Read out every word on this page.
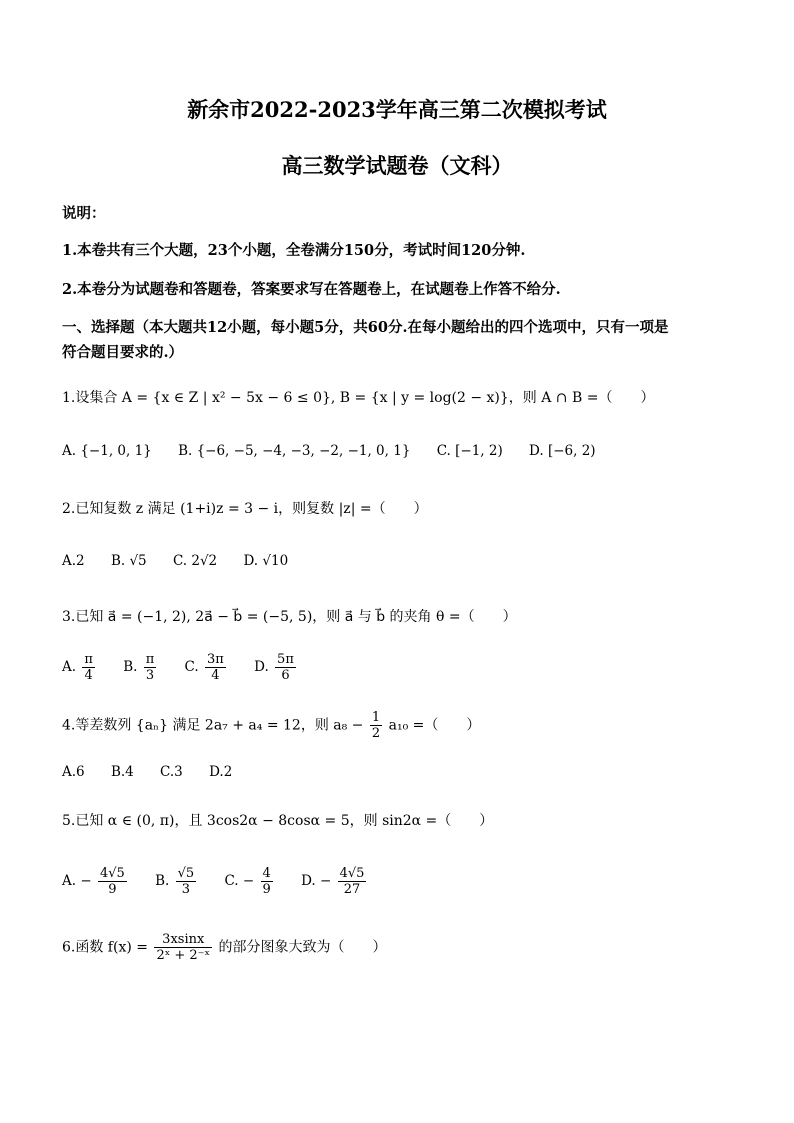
新余市2022-2023学年高三第二次模拟考试
高三数学试题卷（文科）
说明：
1.本卷共有三个大题，23个小题，全卷满分150分，考试时间120分钟.
2.本卷分为试题卷和答题卷，答案要求写在答题卷上，在试题卷上作答不给分.
一、选择题（本大题共12小题，每小题5分，共60分.在每小题给出的四个选项中，只有一项是
符合题目要求的.）
1.设集合 A = {x ∈ Z | x² − 5x − 6 ≤ 0}, B = {x | y = log(2 − x)}，则 A ∩ B =（　　）
A. {−1, 0, 1} B. {−6, −5, −4, −3, −2, −1, 0, 1} C. [−1, 2) D. [−6, 2)
2.已知复数 z 满足 (1+i)z = 3 − i，则复数 |z| =（　　）
A.2 B. √5 C. 2√2 D. √10
3.已知 a⃗ = (−1, 2), 2a⃗ − b⃗ = (−5, 5)，则 a⃗ 与 b⃗ 的夹角 θ =（　　）
A. $\frac{\pi}{4} B$. $\frac{\pi}{3} C$. $\frac{3\pi}{4} D$. $\frac{5\pi}{6}$
4.等差数列 {aₙ} 满足 2a₇ + a₄ = 12，则 $a_8 - \frac{1}{2} a_{10}$ =（　　）
A.6 B.4 C.3 D.2
5.已知 α ∈ (0, π)，且 3cos2α − 8cosα = 5，则 sin2α =（　　）
A. − $\frac{4√5}{9} B$. $\frac{√5}{3} C$. − $\frac{4}{9} D$. − $\frac{4√5}{27}$
6.函数 $f(x) = \frac{3xsinx}{\text{2ˣ + 2⁻ˣ}}$ 的部分图象大致为（　　）
